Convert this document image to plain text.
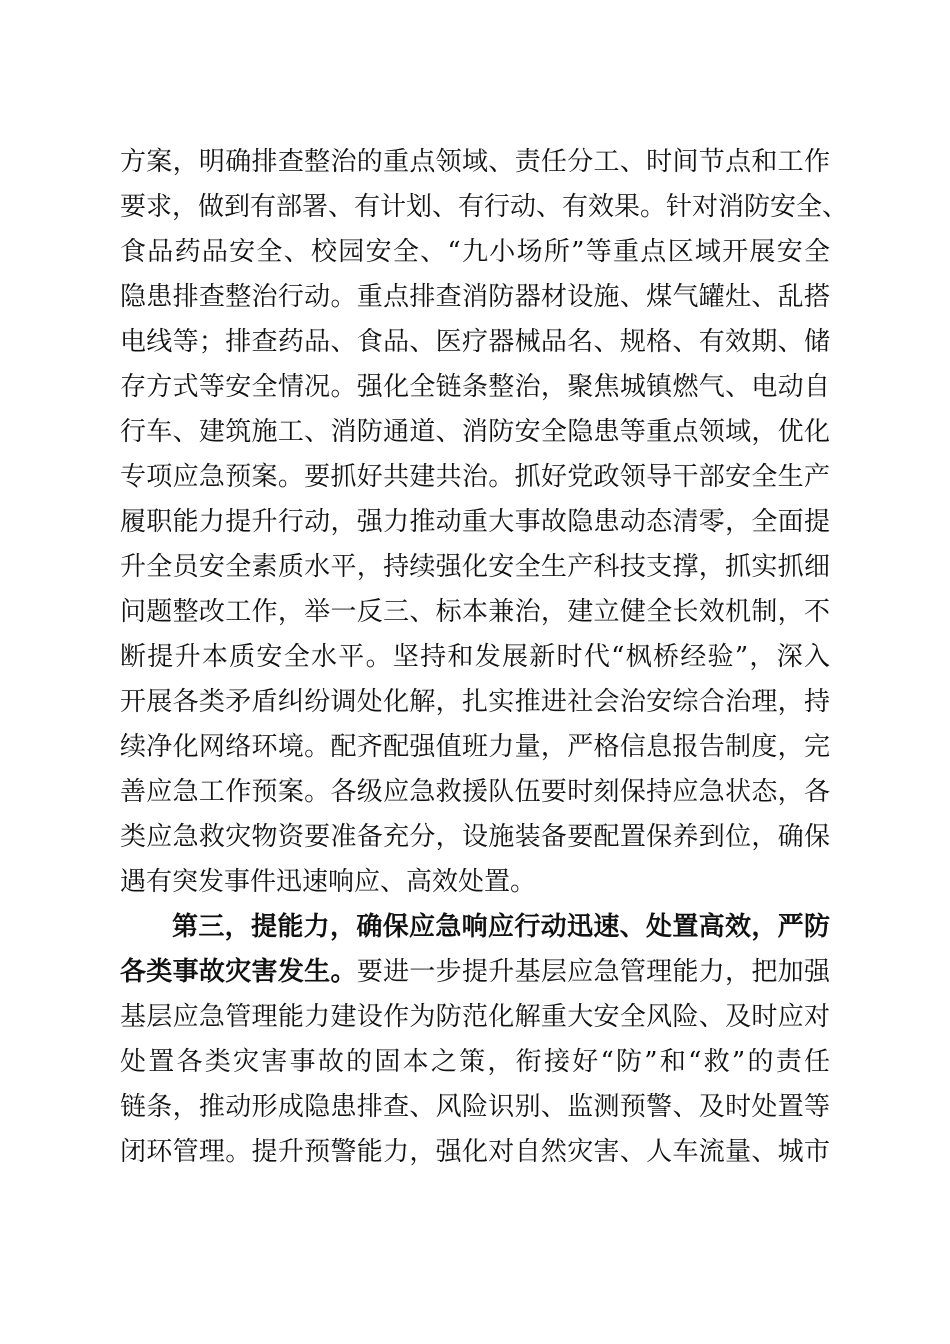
方案，明确排查整治的重点领域、责任分工、时间节点和工作
要求，做到有部署、有计划、有行动、有效果。针对消防安全、
食品药品安全、校园安全、“九小场所”等重点区域开展安全
隐患排查整治行动。重点排查消防器材设施、煤气罐灶、乱搭
电线等；排查药品、食品、医疗器械品名、规格、有效期、储
存方式等安全情况。强化全链条整治，聚焦城镇燃气、电动自
行车、建筑施工、消防通道、消防安全隐患等重点领域，优化
专项应急预案。要抓好共建共治。抓好党政领导干部安全生产
履职能力提升行动，强力推动重大事故隐患动态清零，全面提
升全员安全素质水平，持续强化安全生产科技支撑，抓实抓细
问题整改工作，举一反三、标本兼治，建立健全长效机制，不
断提升本质安全水平。坚持和发展新时代“枫桥经验”，深入
开展各类矛盾纠纷调处化解，扎实推进社会治安综合治理，持
续净化网络环境。配齐配强值班力量，严格信息报告制度，完
善应急工作预案。各级应急救援队伍要时刻保持应急状态，各
类应急救灾物资要准备充分，设施装备要配置保养到位，确保
遇有突发事件迅速响应、高效处置。
第三，提能力，确保应急响应行动迅速、处置高效，严防
各类事故灾害发生。要进一步提升基层应急管理能力，把加强
基层应急管理能力建设作为防范化解重大安全风险、及时应对
处置各类灾害事故的固本之策，衔接好“防”和“救”的责任
链条，推动形成隐患排查、风险识别、监测预警、及时处置等
闭环管理。提升预警能力，强化对自然灾害、人车流量、城市
